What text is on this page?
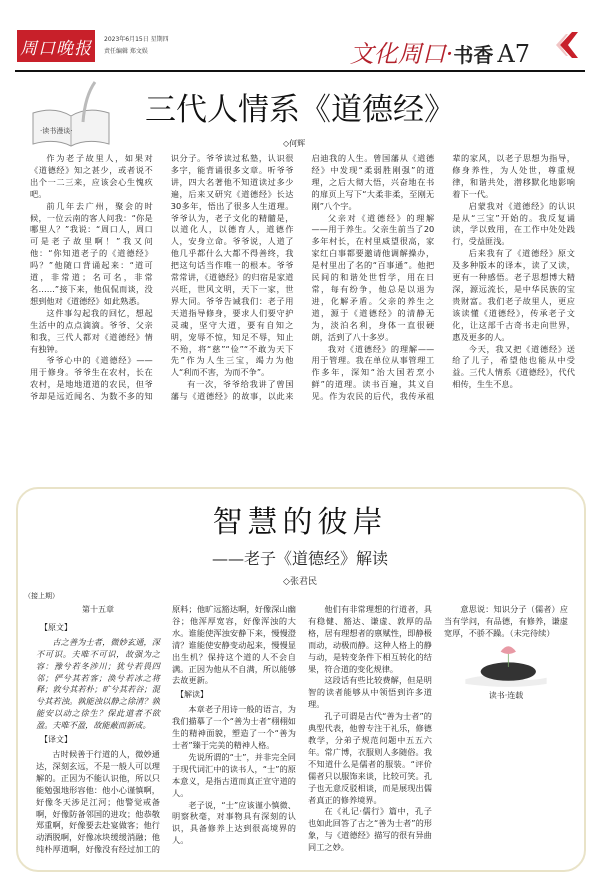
周口晚报	2023年6月15日 星期四
责任编辑 郑文娱	文化周口·书香 A7
·读书漫谈·
三代人情系《道德经》
◇何辉

作为老子故里人，如果对《道德经》知之甚少，或者说不出个一二三来，应该会心生愧疚吧。

前几年去广州，聚会的时候，一位云南的客人问我：“你是哪里人？”我说：“周口人，周口可是老子故里啊！”我又问他：“你知道老子的《道德经》吗？”他随口背诵起来：“道可道，非常道；名可名，非常名……”接下来，他侃侃而谈，没想到他对《道德经》如此熟悉。

这件事勾起我的回忆，想起生活中的点点滴滴。爷爷、父亲和我，三代人都对《道德经》情有独钟。

爷爷心中的《道德经》——用于修身。爷爷生在农村，长在农村，是地地道道的农民，但爷爷却是远近闻名、为数不多的知识分子。爷爷读过私塾，认识很多字，能背诵很多文章。听爷爷讲，四大名著他不知道读过多少遍，后来又研究《道德经》长达30多年，悟出了很多人生道理。爷爷认为，老子文化的精髓是，以道化人，以德育人，道德作人，安身立命。爷爷说，人道了他几乎都什么大都不得善终，我把这句话当作唯一的根本。爷爷常常讲，《道德经》的归宿是家道兴旺，世风文明，天下一家，世界大同。爷爷告诫我们：老子用天道指导修身，要求人们要守护灵魂，坚守大道，要有自知之明，宠辱不惊，知足不辱，知止不殆，将“慈”“俭”“不敢为天下先”作为人生三宝，竭力为他人“利而不害，为而不争”。

有一次，爷爷给我讲了曾国藩与《道德经》的故事，以此来启迪我的人生。曾国藩从《道德经》中发现“柔弱胜刚强”的道理，之后大彻大悟，兴奋地在书的扉页上写下“大柔非柔，至刚无刚”八个字。

父亲对《道德经》的理解——用于养生。父亲生前当了20多年村长，在村里威望很高，家家红白事都要邀请他调解操办，是村里出了名的“百事通”。他把民间的和谐处世哲学，用在日常，每有纷争，他总是以退为进，化解矛盾。父亲的养生之道，源于《道德经》的清静无为，淡泊名利，身体一直很硬朗，活到了八十多岁。

我对《道德经》的理解——用于管理。我在单位从事管理工作多年，深知“治大国若烹小鲜”的道理。读书百遍，其义自见。作为农民的后代，我传承祖辈的家风，以老子思想为指导，修身养性，为人处世，尊重规律，和谐共处，潜移默化地影响着下一代。

启蒙我对《道德经》的认识是从“三宝”开始的。我反复诵读，学以致用，在工作中处处践行，受益匪浅。

后来我有了《道德经》原文及多种版本的译本，读了又读，更有一种感悟。老子思想博大精深，源远流长，是中华民族的宝贵财富。我们老子故里人，更应该读懂《道德经》，传承老子文化，让这部千古奇书走向世界，惠及更多的人。

今天，我又把《道德经》送给了儿子，希望他也能从中受益。三代人情系《道德经》，代代相传，生生不息。

智慧的彼岸
——老子《道德经》解读
◇张君民
（接上期）
第十五章
【原文】

古之善为士者，微妙玄通，深不可识。夫唯不可识，故强为之容：豫兮若冬涉川；犹兮若畏四邻；俨兮其若客；涣兮若冰之将释；敦兮其若朴；旷兮其若谷；混兮其若浊。孰能浊以静之徐清？孰能安以动之徐生？保此道者不欲盈。夫唯不盈，故能蔽而新成。

【译文】

古时候善于行道的人，微妙通达，深刻玄远，不是一般人可以理解的。正因为不能认识他，所以只能勉强地形容他：他小心谨慎啊，好像冬天涉足江河；他警觉戒备啊，好像防备邻国的进攻；他恭敬郑重啊，好像要去赴宴做客；他行动洒脱啊，好像冰块缓缓消融；他纯朴厚道啊，好像没有经过加工的原料；他旷远豁达啊，好像深山幽谷；他浑厚宽容，好像浑浊的大水。谁能使浑浊安静下来，慢慢澄清？谁能使安静变动起来，慢慢显出生机？保持这个道的人不会自满。正因为他从不自满，所以能够去故更新。

【解读】

本章老子用诗一般的语言，为我们描摹了一个“善为士者”栩栩如生的精神面貌，塑造了一个“善为士者”臻于完美的精神人格。

先说所谓的“士”，并非完全同于现代词汇中的读书人，“士”的原本意义，是指古道而真正宣守道的人。

老子说，“士”应该谨小慎微、明察秋毫，对事物具有深刻的认识，具备修养上达到很高境界的人。

他们有非常理想的行道者，具有稳健、豁达、谦虚、敦厚的品格，居有理想者的禀赋性，即静极而动，动极而静。这种人格上的静与动，是转变条件下相互转化的结果，符合道的变化规律。

这段话有些比较费解，但是明智的读者能够从中领悟到许多道理。

孔子可谓是古代“善为士者”的典型代表，他曾专注于礼乐，修德教学，分弟子规范问题中五五六年。常广博，衣服则人多随俗。我不知道什么是儒者的服装。“评价儒者只以服饰来谈，比较可笑。孔子也无意反驳相谈，而是展现出儒者真正的修养境界。

在《礼记·儒行》篇中，孔子也如此回答了古之“善为士者”的形象，与《道德经》描写的很有异曲同工之妙。

意思说：知识分子（儒者）应当有学问，有品德，有修养，谦虚宽厚，不骄不躁。（未完待续）

读书·连载
